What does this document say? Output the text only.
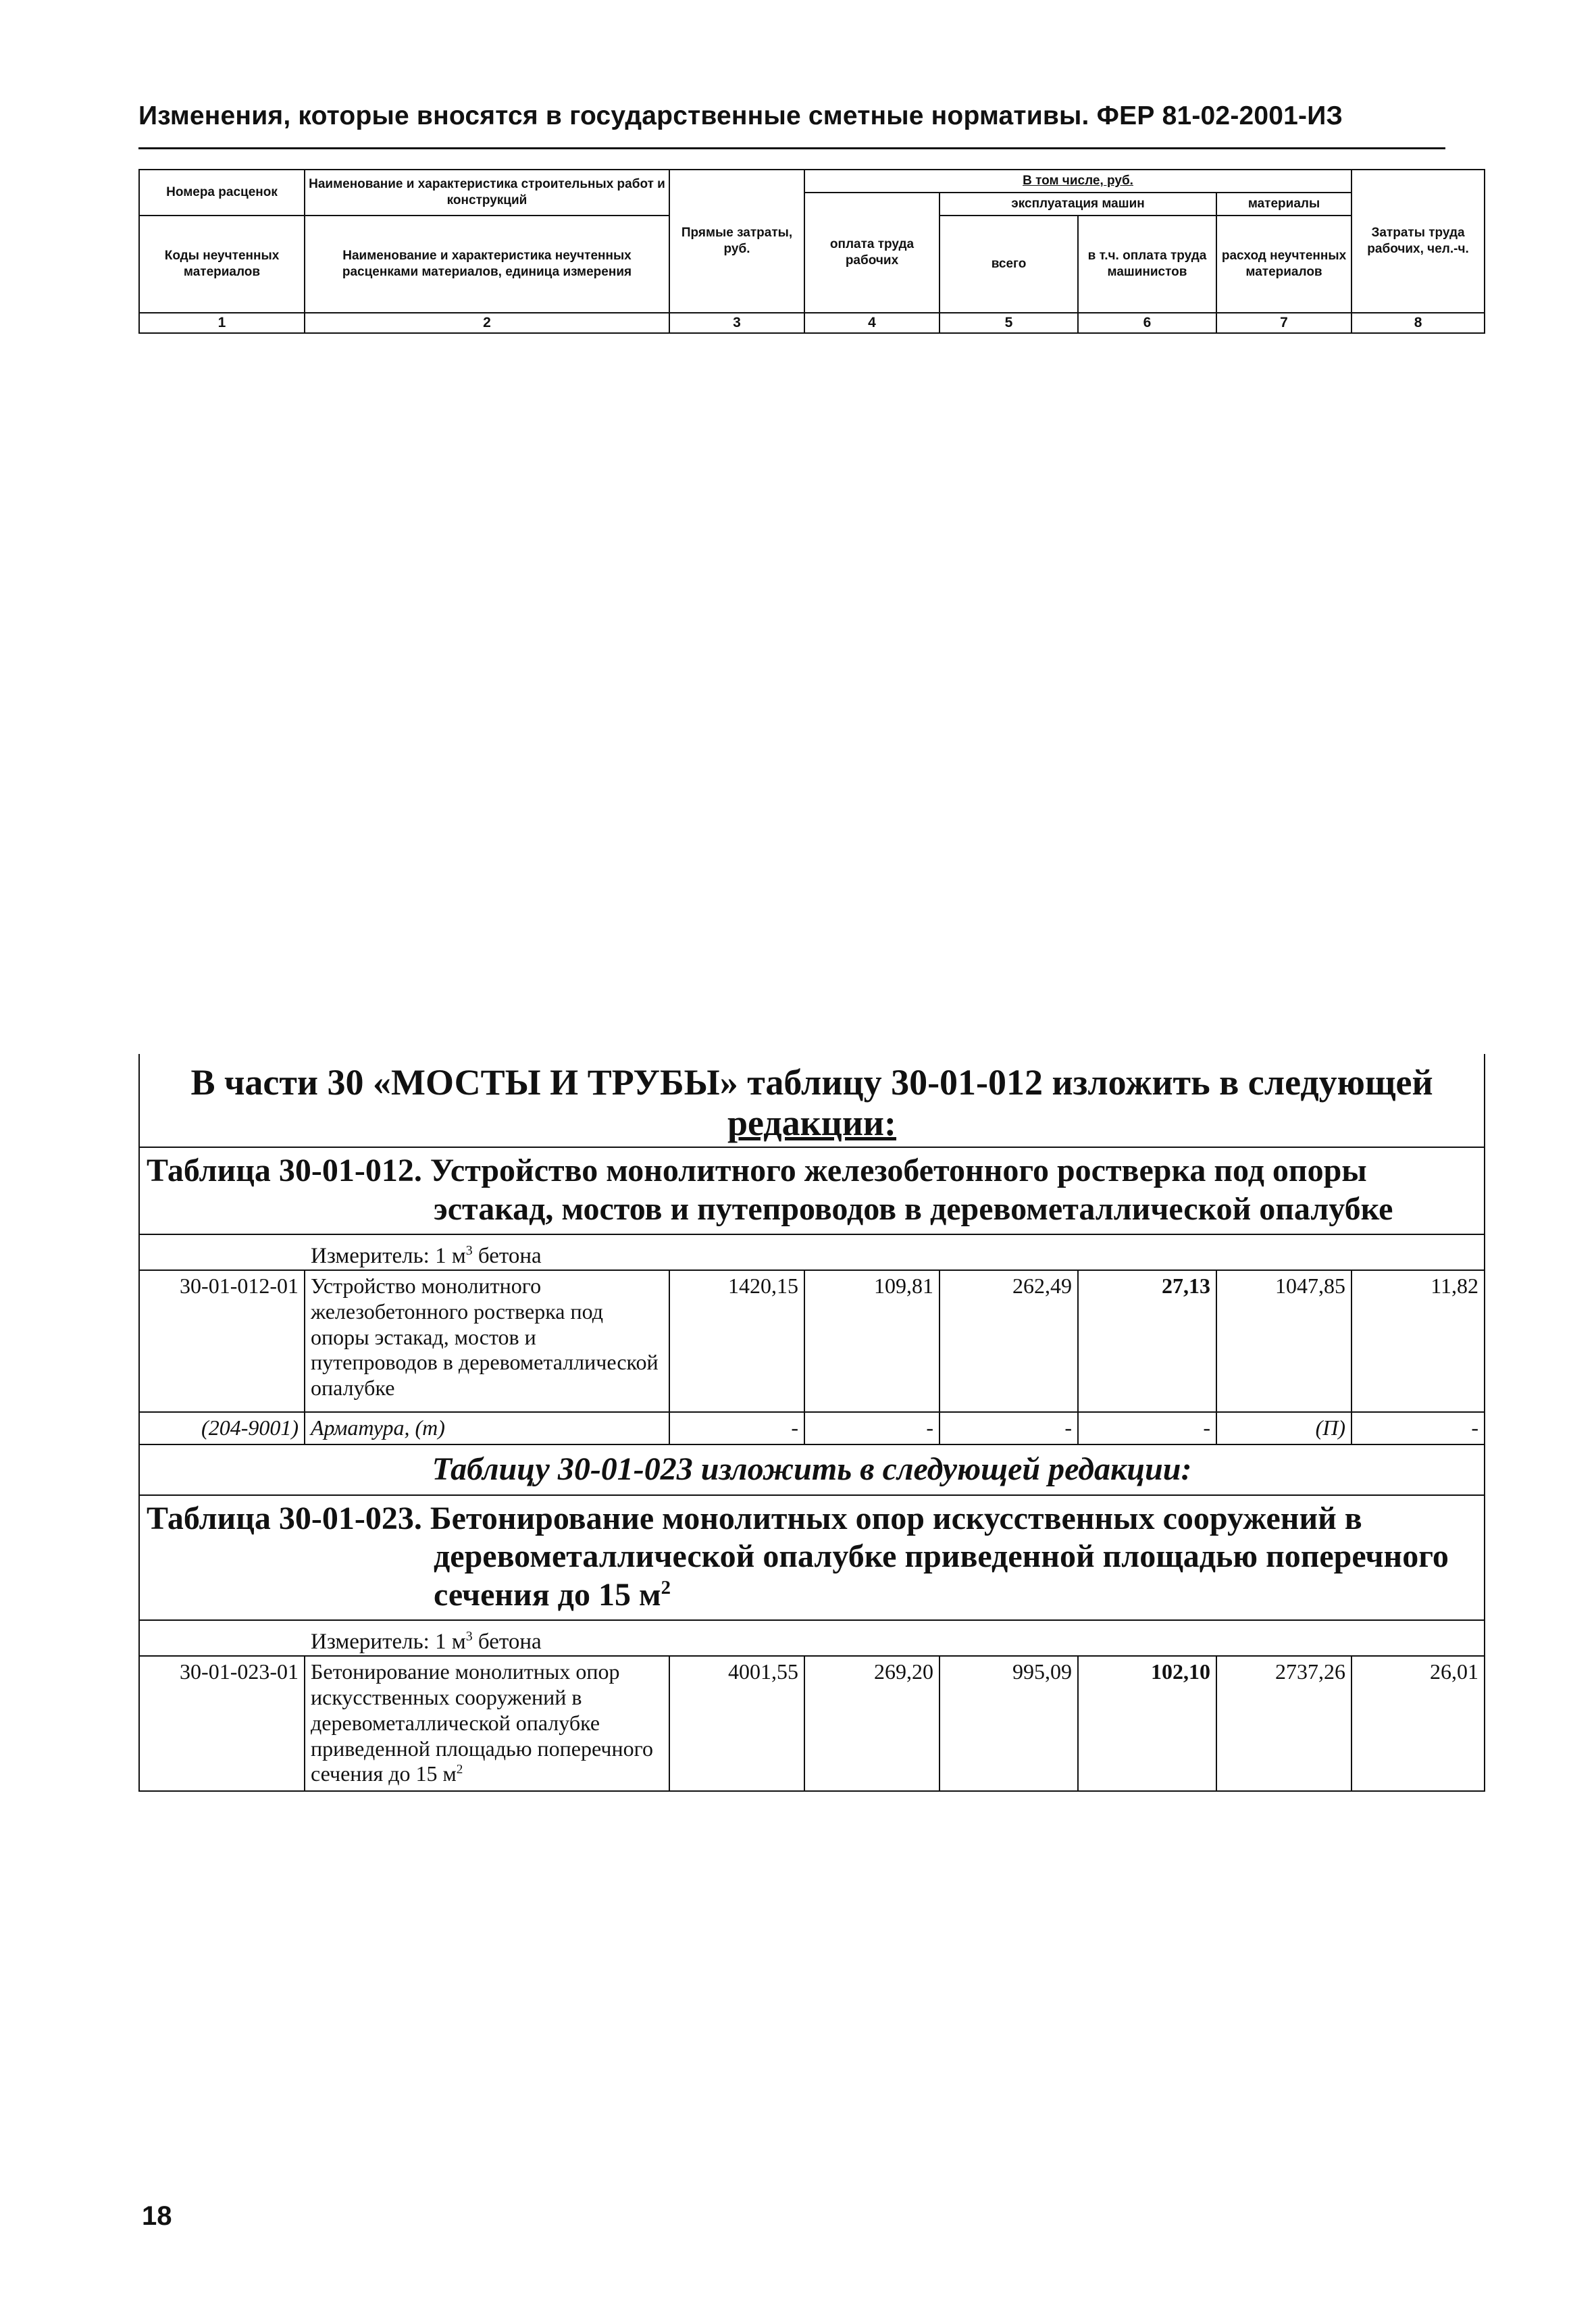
Изменения, которые вносятся в государственные сметные нормативы. ФЕР 81-02-2001-ИЗ
Номера расценок	Наименование и характеристика строительных работ и конструкций	Прямые затраты, руб.	В том числе, руб.				Затраты труда рабочих, чел.-ч.
			оплата труда рабочих	эксплуатация машин		материалы	
Коды неучтенных материалов	Наименование и характеристика неучтенных расценками материалов, единица измерения			всего	в т.ч. оплата труда машинистов	расход неучтенных материалов	

1	2	3	4	5	6	7	8
В части 30 «МОСТЫ И ТРУБЫ» таблицу 30-01-012 изложить в следующей
редакции:							
Таблица 30-01-012. Устройство монолитного железобетонного ростверка под опоры
эстакад, мостов и путепроводов в деревометаллической опалубке							

Измеритель: 1 $м^3$ бетона							
30-01-012-01	Устройство монолитного железобетонного ростверка под опоры эстакад, мостов и путепроводов в деревометаллической опалубке	1420,15	109,81	262,49	27,13	1047,85	11,82
(204-9001)	Арматура, (т)	-	-	-	-	(П)	-
Таблицу 30-01-023 изложить в следующей редакции:							
Таблица 30-01-023. Бетонирование монолитных опор искусственных сооружений в
деревометаллической опалубке приведенной площадью поперечного
сечения до 15 $м^2$

Измеритель: 1 $м^3$ бетона							
30-01-023-01	Бетонирование монолитных опор искусственных сооружений в деревометаллической опалубке приведенной площадью поперечного сечения до 15 $м^2$	4001,55	269,20	995,09	102,10	2737,26	26,01
18
